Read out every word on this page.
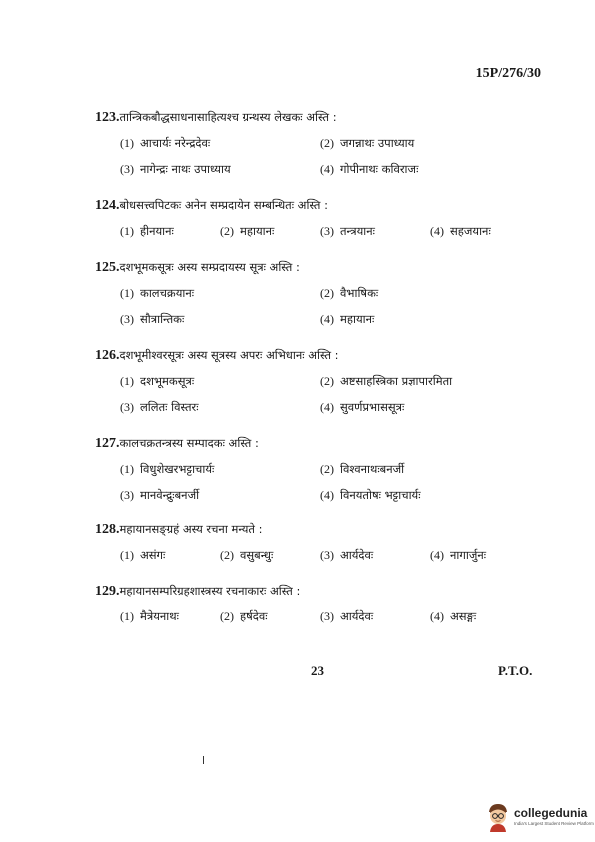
15P/276/30
123.तान्त्रिकबौद्धसाधनासाहित्यश्च ग्रन्थस्य लेखकः अस्ति :
(1) आचार्यः नरेन्द्रदेवः	(2) जगन्नाथः उपाध्याय
(3) नागेन्द्रः नाथः उपाध्याय	(4) गोपीनाथः कविराजः
124.बोधसत्त्वपिटकः अनेन सम्प्रदायेन सम्बन्धितः अस्ति :
(1) हीनयानः	(2) महायानः	(3) तन्त्रयानः	(4) सहजयानः
125.दशभूमकसूत्रः अस्य सम्प्रदायस्य सूत्रः अस्ति :
(1) कालचक्रयानः	(2) वैभाषिकः
(3) सौत्रान्तिकः	(4) महायानः
126.दशभूमीश्वरसूत्रः अस्य सूत्रस्य अपरः अभिधानः अस्ति :
(1) दशभूमकसूत्रः	(2) अष्टसाहस्त्रिका प्रज्ञापारमिता
(3) ललितः विस्तरः	(4) सुवर्णप्रभाससूत्रः
127.कालचक्रतन्त्रस्य सम्पादकः अस्ति :
(1) विधुशेखरभट्टाचार्यः	(2) विश्वनाथःबनर्जी
(3) मानवेन्द्रुःबनर्जी	(4) विनयतोषः भट्टाचार्यः
128.महायानसङ्ग्रहं अस्य रचना मन्यते :
(1) असंगः	(2) वसुबन्धुः	(3) आर्यदेवः	(4) नागार्जुनः
129.महायानसम्परिग्रहशास्त्रस्य रचनाकारः अस्ति :
(1) मैत्रेयनाथः	(2) हर्षदेवः	(3) आर्यदेवः	(4) असङ्गः
23	P.T.O.
collegedunia
India's Largest Student Review Platform
